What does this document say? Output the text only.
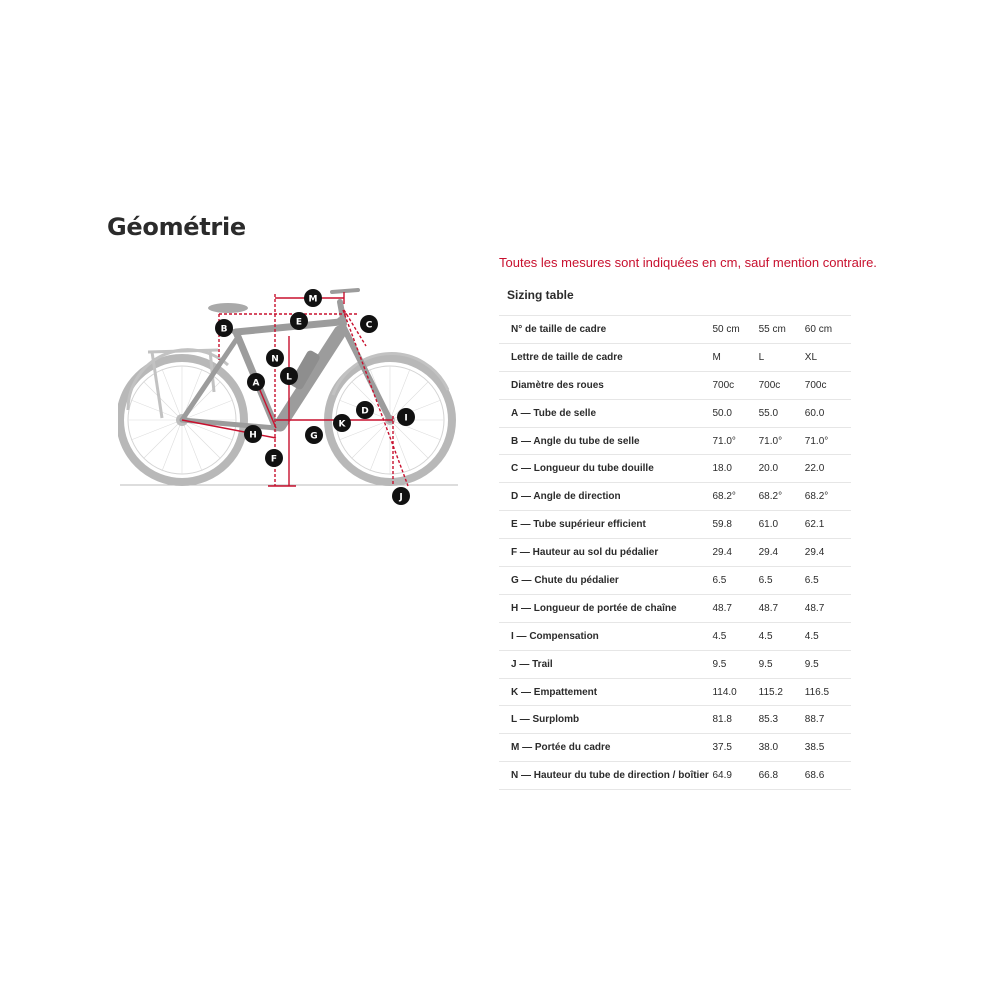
Géométrie
M
B
E	C
N
L
A
D
I
K
H	G
F
J
Toutes les mesures sont indiquées en cm, sauf mention contraire.
Sizing table
N° de taille de cadre	50 cm	55 cm	60 cm
Lettre de taille de cadre	M	L	XL
Diamètre des roues	700c	700c	700c
A — Tube de selle	50.0	55.0	60.0
B — Angle du tube de selle	71.0°	71.0°	71.0°
C — Longueur du tube douille	18.0	20.0	22.0
D — Angle de direction	68.2°	68.2°	68.2°
E — Tube supérieur efficient	59.8	61.0	62.1
F — Hauteur au sol du pédalier	29.4	29.4	29.4
G — Chute du pédalier	6.5	6.5	6.5
H — Longueur de portée de chaîne	48.7	48.7	48.7
I — Compensation	4.5	4.5	4.5
J — Trail	9.5	9.5	9.5
K — Empattement	114.0	115.2	116.5
L — Surplomb	81.8	85.3	88.7
M — Portée du cadre	37.5	38.0	38.5
N — Hauteur du tube de direction / boîtier	64.9	66.8	68.6
